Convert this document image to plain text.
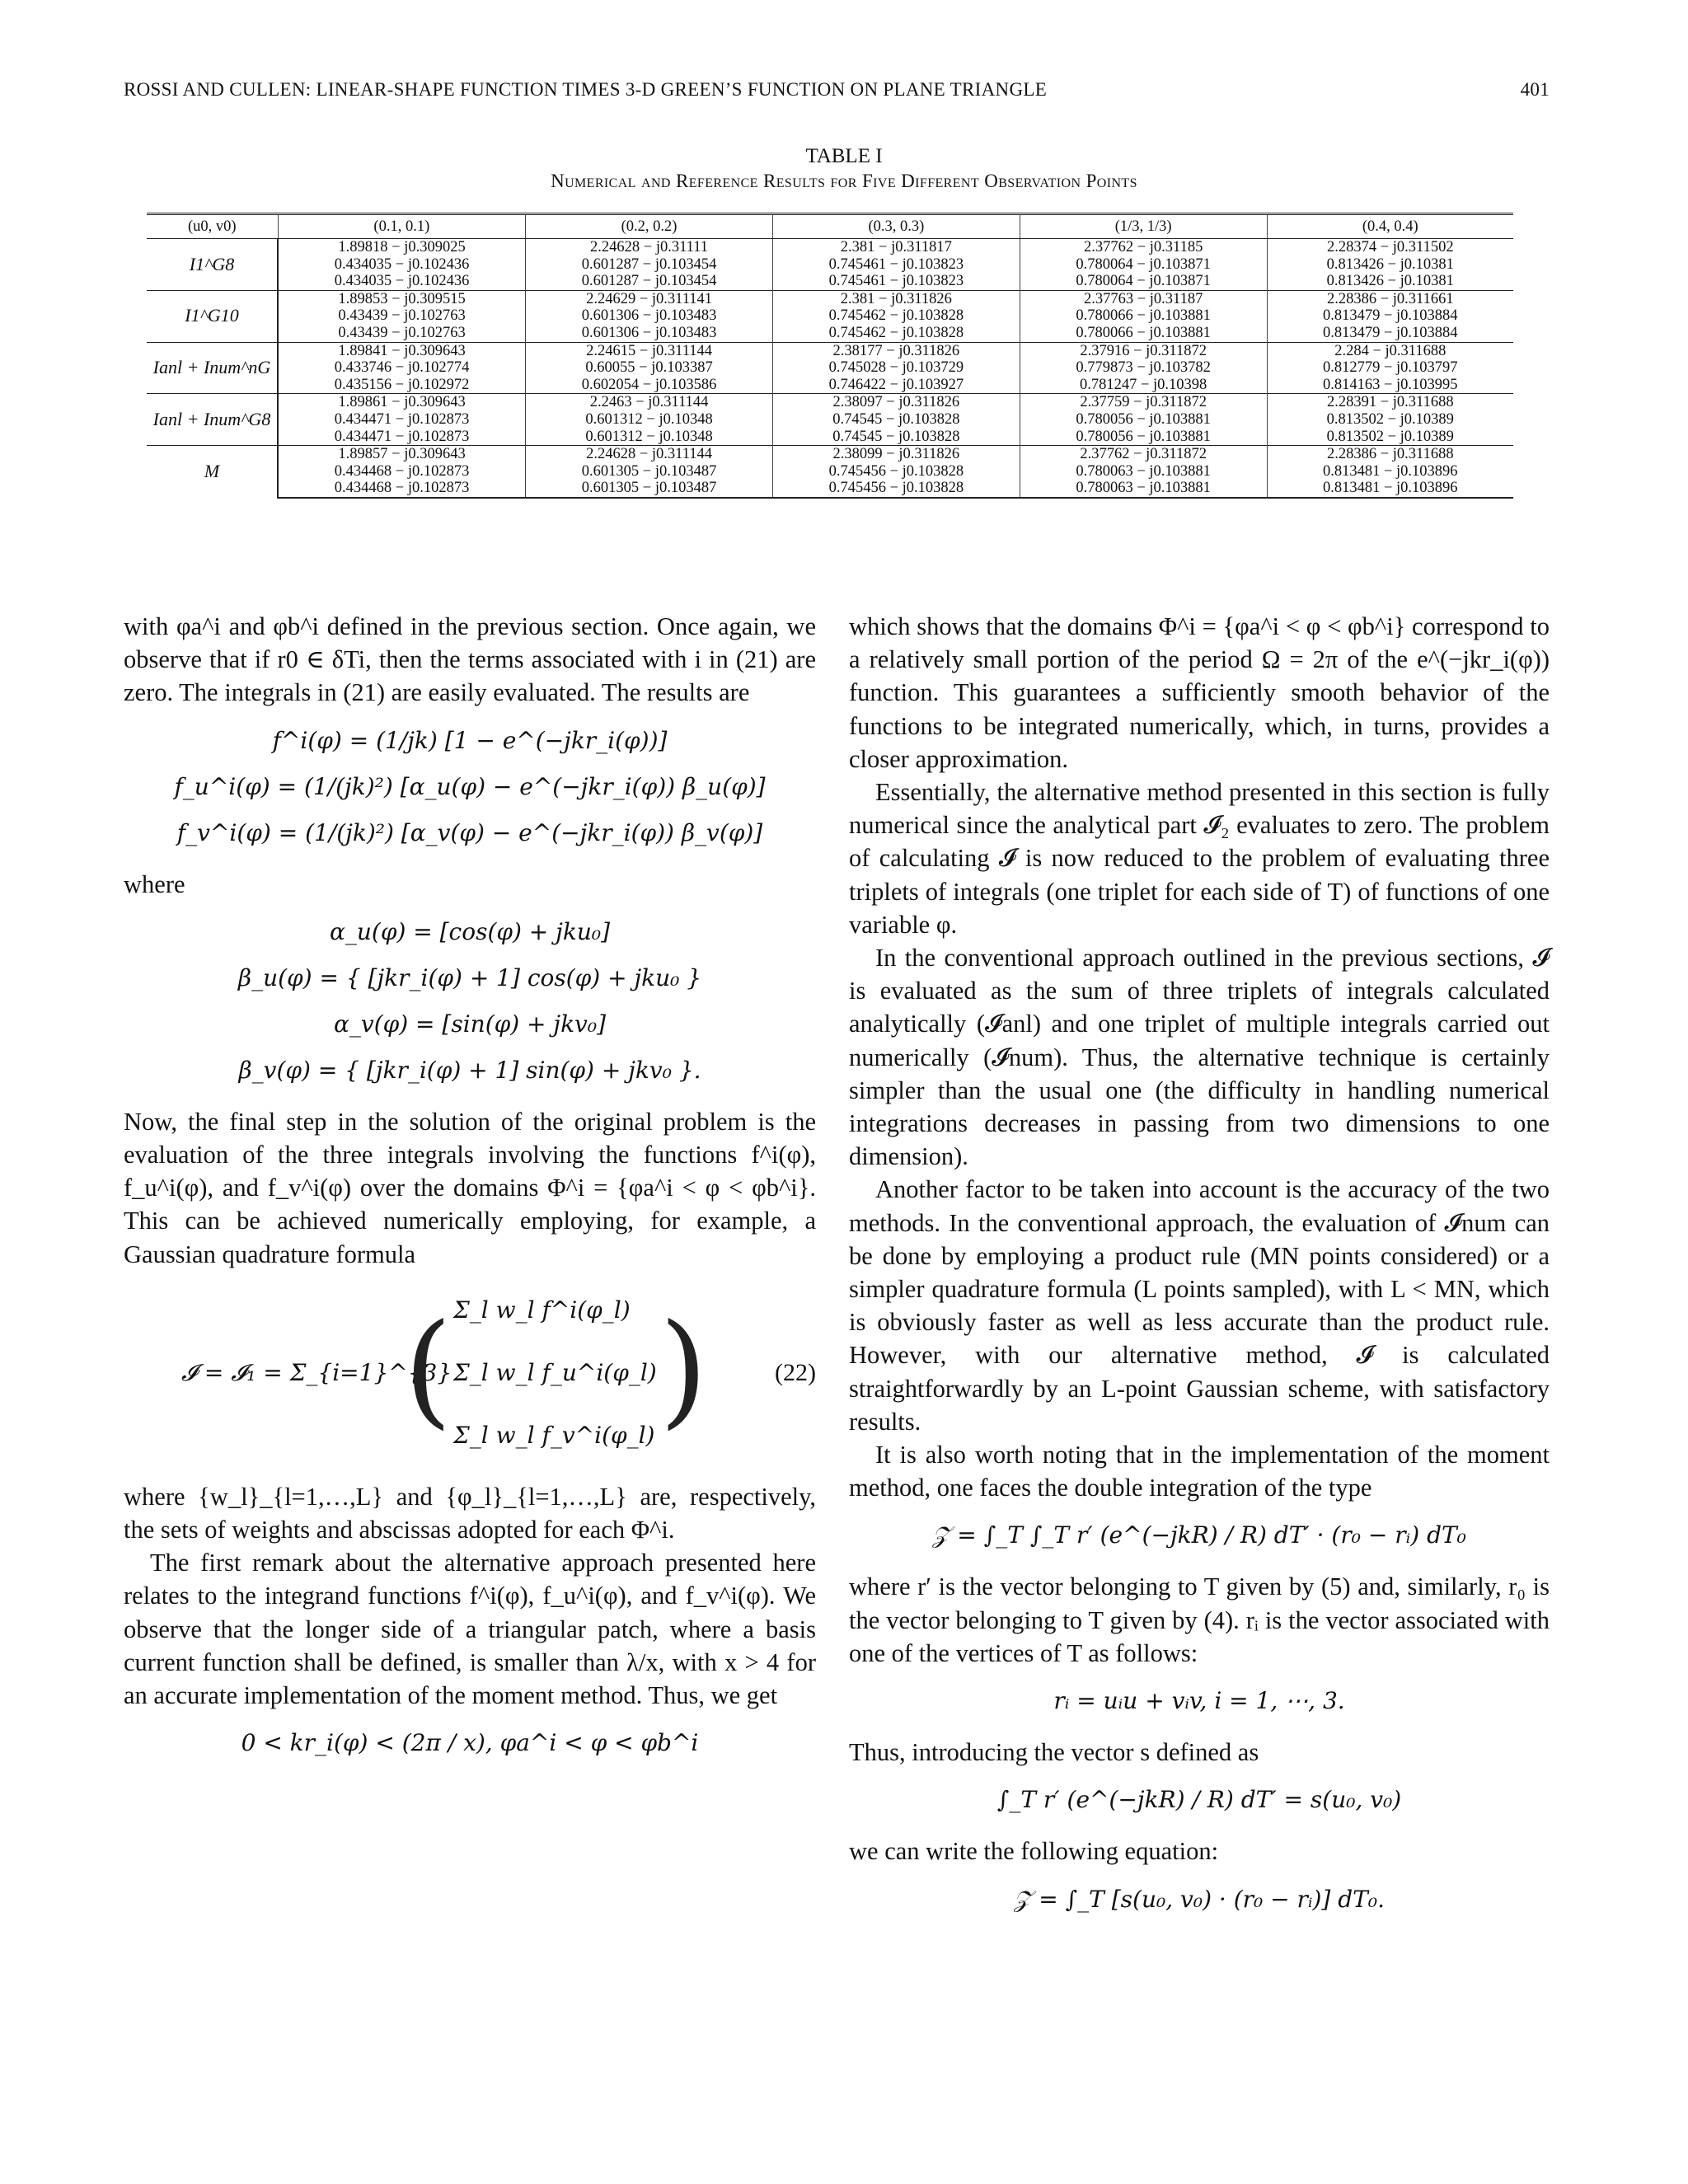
ROSSI AND CULLEN: LINEAR-SHAPE FUNCTION TIMES 3-D GREEN’S FUNCTION ON PLANE TRIANGLE	401
TABLE I
Numerical and Reference Results for Five Different Observation Points
(u0, v0)	(0.1, 0.1)	(0.2, 0.2)	(0.3, 0.3)	(1/3, 1/3)	(0.4, 0.4)
I1^G8	1.89818 − j0.309025	2.24628 − j0.31111	2.381 − j0.311817	2.37762 − j0.31185	2.28374 − j0.311502
	0.434035 − j0.102436	0.601287 − j0.103454	0.745461 − j0.103823	0.780064 − j0.103871	0.813426 − j0.10381
	0.434035 − j0.102436	0.601287 − j0.103454	0.745461 − j0.103823	0.780064 − j0.103871	0.813426 − j0.10381
I1^G10	1.89853 − j0.309515	2.24629 − j0.311141	2.381 − j0.311826	2.37763 − j0.31187	2.28386 − j0.311661
	0.43439 − j0.102763	0.601306 − j0.103483	0.745462 − j0.103828	0.780066 − j0.103881	0.813479 − j0.103884
	0.43439 − j0.102763	0.601306 − j0.103483	0.745462 − j0.103828	0.780066 − j0.103881	0.813479 − j0.103884
Ianl + Inum^nG	1.89841 − j0.309643	2.24615 − j0.311144	2.38177 − j0.311826	2.37916 − j0.311872	2.284 − j0.311688
	0.433746 − j0.102774	0.60055 − j0.103387	0.745028 − j0.103729	0.779873 − j0.103782	0.812779 − j0.103797
	0.435156 − j0.102972	0.602054 − j0.103586	0.746422 − j0.103927	0.781247 − j0.10398	0.814163 − j0.103995
Ianl + Inum^G8	1.89861 − j0.309643	2.2463 − j0.311144	2.38097 − j0.311826	2.37759 − j0.311872	2.28391 − j0.311688
	0.434471 − j0.102873	0.601312 − j0.10348	0.74545 − j0.103828	0.780056 − j0.103881	0.813502 − j0.10389
	0.434471 − j0.102873	0.601312 − j0.10348	0.74545 − j0.103828	0.780056 − j0.103881	0.813502 − j0.10389
M	1.89857 − j0.309643	2.24628 − j0.311144	2.38099 − j0.311826	2.37762 − j0.311872	2.28386 − j0.311688
	0.434468 − j0.102873	0.601305 − j0.103487	0.745456 − j0.103828	0.780063 − j0.103881	0.813481 − j0.103896
	0.434468 − j0.102873	0.601305 − j0.103487	0.745456 − j0.103828	0.780063 − j0.103881	0.813481 − j0.103896

with φa^i and φb^i defined in the previous section. Once again, we observe that if r0 ∈ δTi, then the terms associated with i in (21) are zero. The integrals in (21) are easily evaluated. The results are

f^i(φ) = (1/jk) [1 − e^(−jkr_i(φ))]
f_u^i(φ) = (1/(jk)²) [α_u(φ) − e^(−jkr_i(φ)) β_u(φ)]
f_v^i(φ) = (1/(jk)²) [α_v(φ) − e^(−jkr_i(φ)) β_v(φ)]

where

α_u(φ) = [cos(φ) + jku₀]
β_u(φ) = { [jkr_i(φ) + 1] cos(φ) + jku₀ }
α_v(φ) = [sin(φ) + jkv₀]
β_v(φ) = { [jkr_i(φ) + 1] sin(φ) + jkv₀ }.

Now, the final step in the solution of the original problem is the evaluation of the three integrals involving the functions f^i(φ), f_u^i(φ), and f_v^i(φ) over the domains Φ^i = {φa^i < φ < φb^i}. This can be achieved numerically employing, for example, a Gaussian quadrature formula

𝓘 = 𝓘₁ = Σ_{i=1}^{3}
( Σ_l w_l f^i(φ_l)
Σ_l w_l f_u^i(φ_l)
Σ_l w_l f_v^i(φ_l) )	(22)

where {w_l}_{l=1,…,L} and {φ_l}_{l=1,…,L} are, respectively, the sets of weights and abscissas adopted for each Φ^i.

The first remark about the alternative approach presented here relates to the integrand functions f^i(φ), f_u^i(φ), and f_v^i(φ). We observe that the longer side of a triangular patch, where a basis current function shall be defined, is smaller than λ/x, with x > 4 for an accurate implementation of the moment method. Thus, we get

0 < kr_i(φ) < (2π / x), φa^i < φ < φb^i

which shows that the domains Φ^i = {φa^i < φ < φb^i} correspond to a relatively small portion of the period Ω = 2π of the e^(−jkr_i(φ)) function. This guarantees a sufficiently smooth behavior of the functions to be integrated numerically, which, in turns, provides a closer approximation.

Essentially, the alternative method presented in this section is fully numerical since the analytical part 𝓘₂ evaluates to zero. The problem of calculating 𝓘 is now reduced to the problem of evaluating three triplets of integrals (one triplet for each side of T) of functions of one variable φ.

In the conventional approach outlined in the previous sections, 𝓘 is evaluated as the sum of three triplets of integrals calculated analytically (𝓘anl) and one triplet of multiple integrals carried out numerically (𝓘num). Thus, the alternative technique is certainly simpler than the usual one (the difficulty in handling numerical integrations decreases in passing from two dimensions to one dimension).

Another factor to be taken into account is the accuracy of the two methods. In the conventional approach, the evaluation of 𝓘num can be done by employing a product rule (MN points considered) or a simpler quadrature formula (L points sampled), with L < MN, which is obviously faster as well as less accurate than the product rule. However, with our alternative method, 𝓘 is calculated straightforwardly by an L-point Gaussian scheme, with satisfactory results.

It is also worth noting that in the implementation of the moment method, one faces the double integration of the type

𝒵 = ∫_T ∫_T r′ (e^(−jkR) / R) dT′ · (r₀ − rᵢ) dT₀

where r′ is the vector belonging to T given by (5) and, similarly, r₀ is the vector belonging to T given by (4). rᵢ is the vector associated with one of the vertices of T as follows:

rᵢ = uᵢu + vᵢv, i = 1, ⋯, 3.

Thus, introducing the vector s defined as

∫_T r′ (e^(−jkR) / R) dT′ = s(u₀, v₀)

we can write the following equation:

𝒵 = ∫_T [s(u₀, v₀) · (r₀ − rᵢ)] dT₀.
